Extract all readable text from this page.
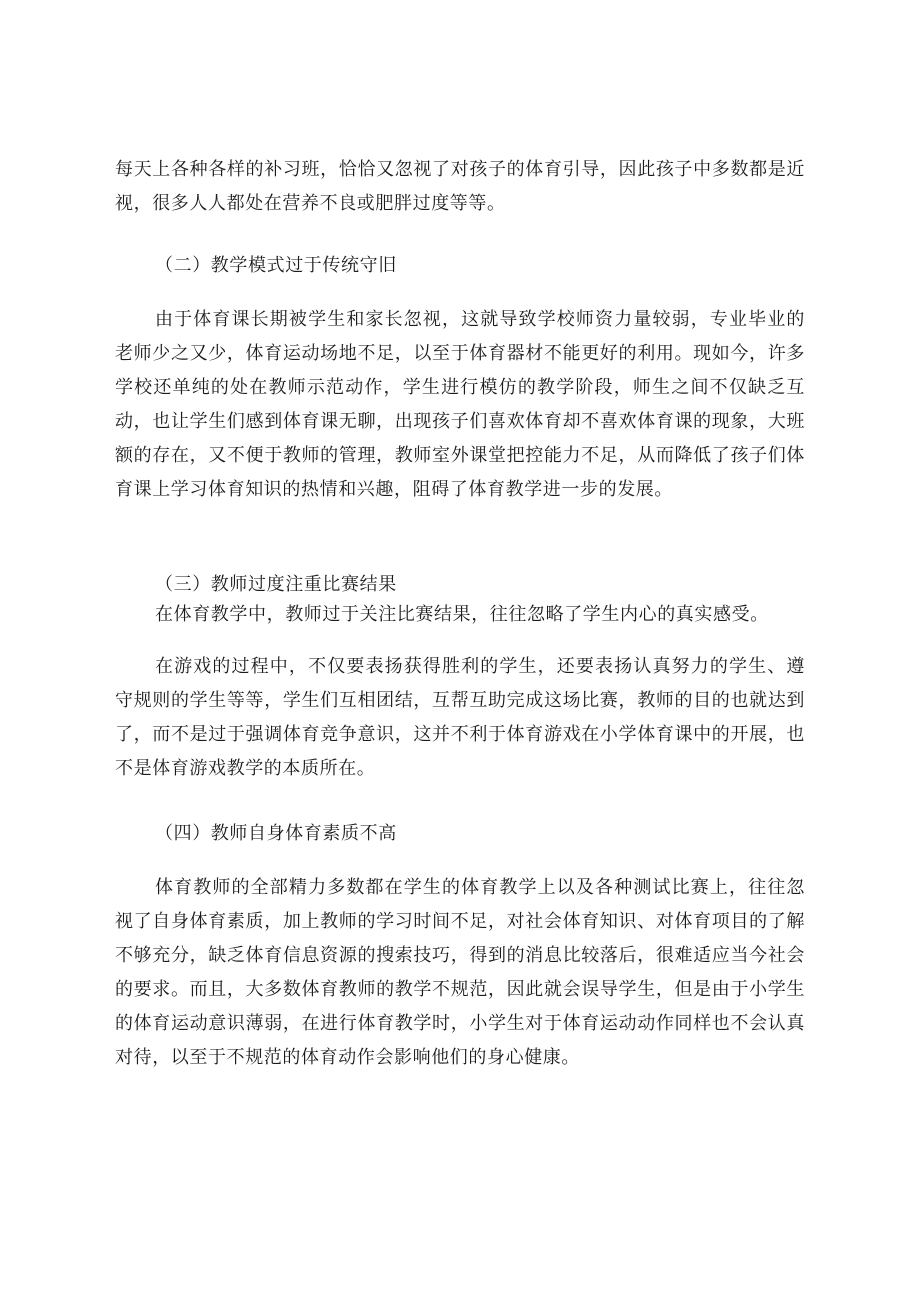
每天上各种各样的补习班，恰恰又忽视了对孩子的体育引导，因此孩子中多数都是近视，很多人人都处在营养不良或肥胖过度等等。

（二）教学模式过于传统守旧

由于体育课长期被学生和家长忽视，这就导致学校师资力量较弱，专业毕业的老师少之又少，体育运动场地不足，以至于体育器材不能更好的利用。现如今，许多学校还单纯的处在教师示范动作，学生进行模仿的教学阶段，师生之间不仅缺乏互动，也让学生们感到体育课无聊，出现孩子们喜欢体育却不喜欢体育课的现象，大班额的存在，又不便于教师的管理，教师室外课堂把控能力不足，从而降低了孩子们体育课上学习体育知识的热情和兴趣，阻碍了体育教学进一步的发展。

（三）教师过度注重比赛结果

在体育教学中，教师过于关注比赛结果，往往忽略了学生内心的真实感受。

在游戏的过程中，不仅要表扬获得胜利的学生，还要表扬认真努力的学生、遵守规则的学生等等，学生们互相团结，互帮互助完成这场比赛，教师的目的也就达到了，而不是过于强调体育竞争意识，这并不利于体育游戏在小学体育课中的开展，也不是体育游戏教学的本质所在。

（四）教师自身体育素质不高

体育教师的全部精力多数都在学生的体育教学上以及各种测试比赛上，往往忽视了自身体育素质，加上教师的学习时间不足，对社会体育知识、对体育项目的了解不够充分，缺乏体育信息资源的搜索技巧，得到的消息比较落后，很难适应当今社会的要求。而且，大多数体育教师的教学不规范，因此就会误导学生，但是由于小学生的体育运动意识薄弱，在进行体育教学时，小学生对于体育运动动作同样也不会认真对待，以至于不规范的体育动作会影响他们的身心健康。
